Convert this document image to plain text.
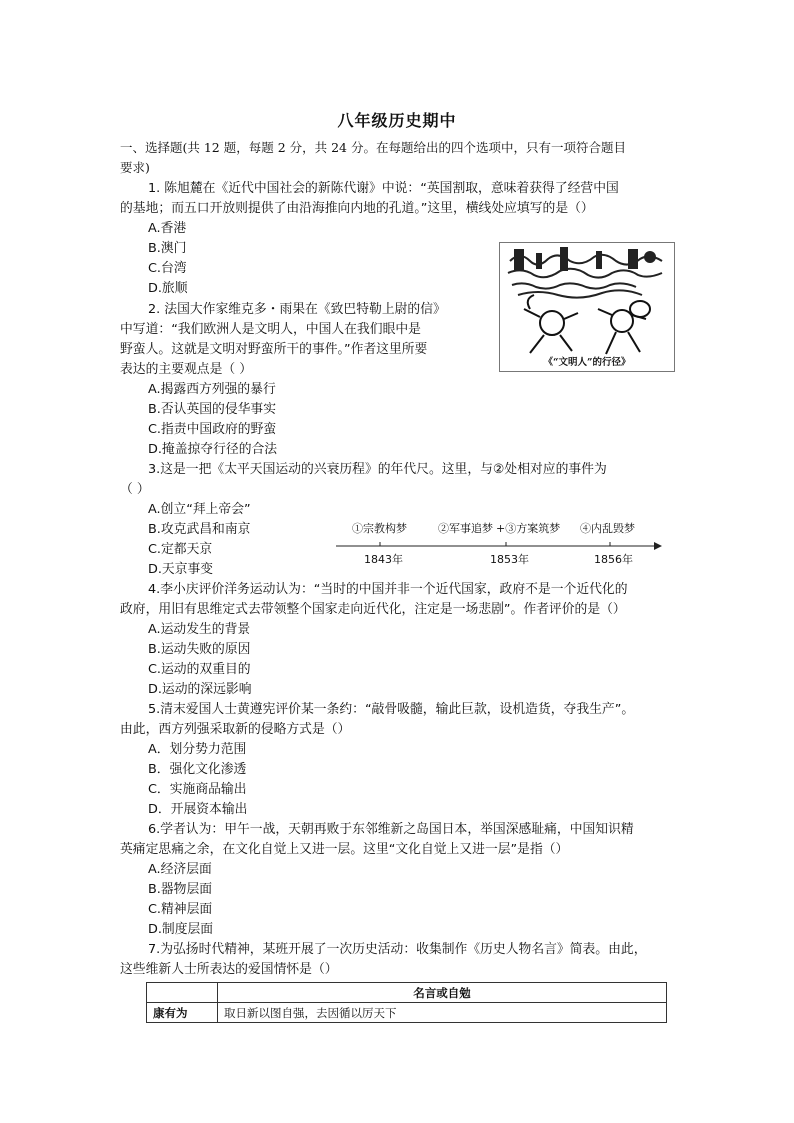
八年级历史期中
一、选择题(共 12 题，每题 2 分，共 24 分。在每题给出的四个选项中，只有一项符合题目
要求)
1. 陈旭麓在《近代中国社会的新陈代谢》中说：“英国割取，意味着获得了经营中国
的基地；而五口开放则提供了由沿海推向内地的孔道。”这里，横线处应填写的是（）
A.香港
B.澳门
C.台湾
D.旅顺
《“文明人”的行径》
2. 法国大作家维克多・雨果在《致巴特勒上尉的信》
中写道：“我们欧洲人是文明人，中国人在我们眼中是
野蛮人。这就是文明对野蛮所干的事件。”作者这里所要
表达的主要观点是（ ）
A.揭露西方列强的暴行
B.否认英国的侵华事实
C.指责中国政府的野蛮
D.掩盖掠夺行径的合法
3.这是一把《太平天国运动的兴衰历程》的年代尺。这里，与②处相对应的事件为
（ ）
A.创立“拜上帝会”
B.攻克武昌和南京
C.定都天京
D.天京事变
①宗教构梦	②军事追梦 +③方案筑梦 ④内乱毁梦
1843年	1853年	1856年
4.李小庆评价洋务运动认为：“当时的中国并非一个近代国家，政府不是一个近代化的
政府，用旧有思维定式去带领整个国家走向近代化，注定是一场悲剧”。作者评价的是（）
A.运动发生的背景
B.运动失败的原因
C.运动的双重目的
D.运动的深远影响
5.清末爱国人士黄遵宪评价某一条约：“敲骨吸髓，输此巨款，设机造货，夺我生产”。
由此，西方列强采取新的侵略方式是（）
A．划分势力范围
B．强化文化渗透
C．实施商品输出
D．开展资本输出
6.学者认为：甲午一战，天朝再败于东邻维新之岛国日本，举国深感耻痛，中国知识精
英痛定思痛之余，在文化自觉上又进一层。这里“文化自觉上又进一层”是指（）
A.经济层面
B.器物层面
C.精神层面
D.制度层面
7.为弘扬时代精神，某班开展了一次历史活动：收集制作《历史人物名言》简表。由此，
这些维新人士所表达的爱国情怀是（）
	名言或自勉
康有为	取日新以图自强，去因循以厉天下
